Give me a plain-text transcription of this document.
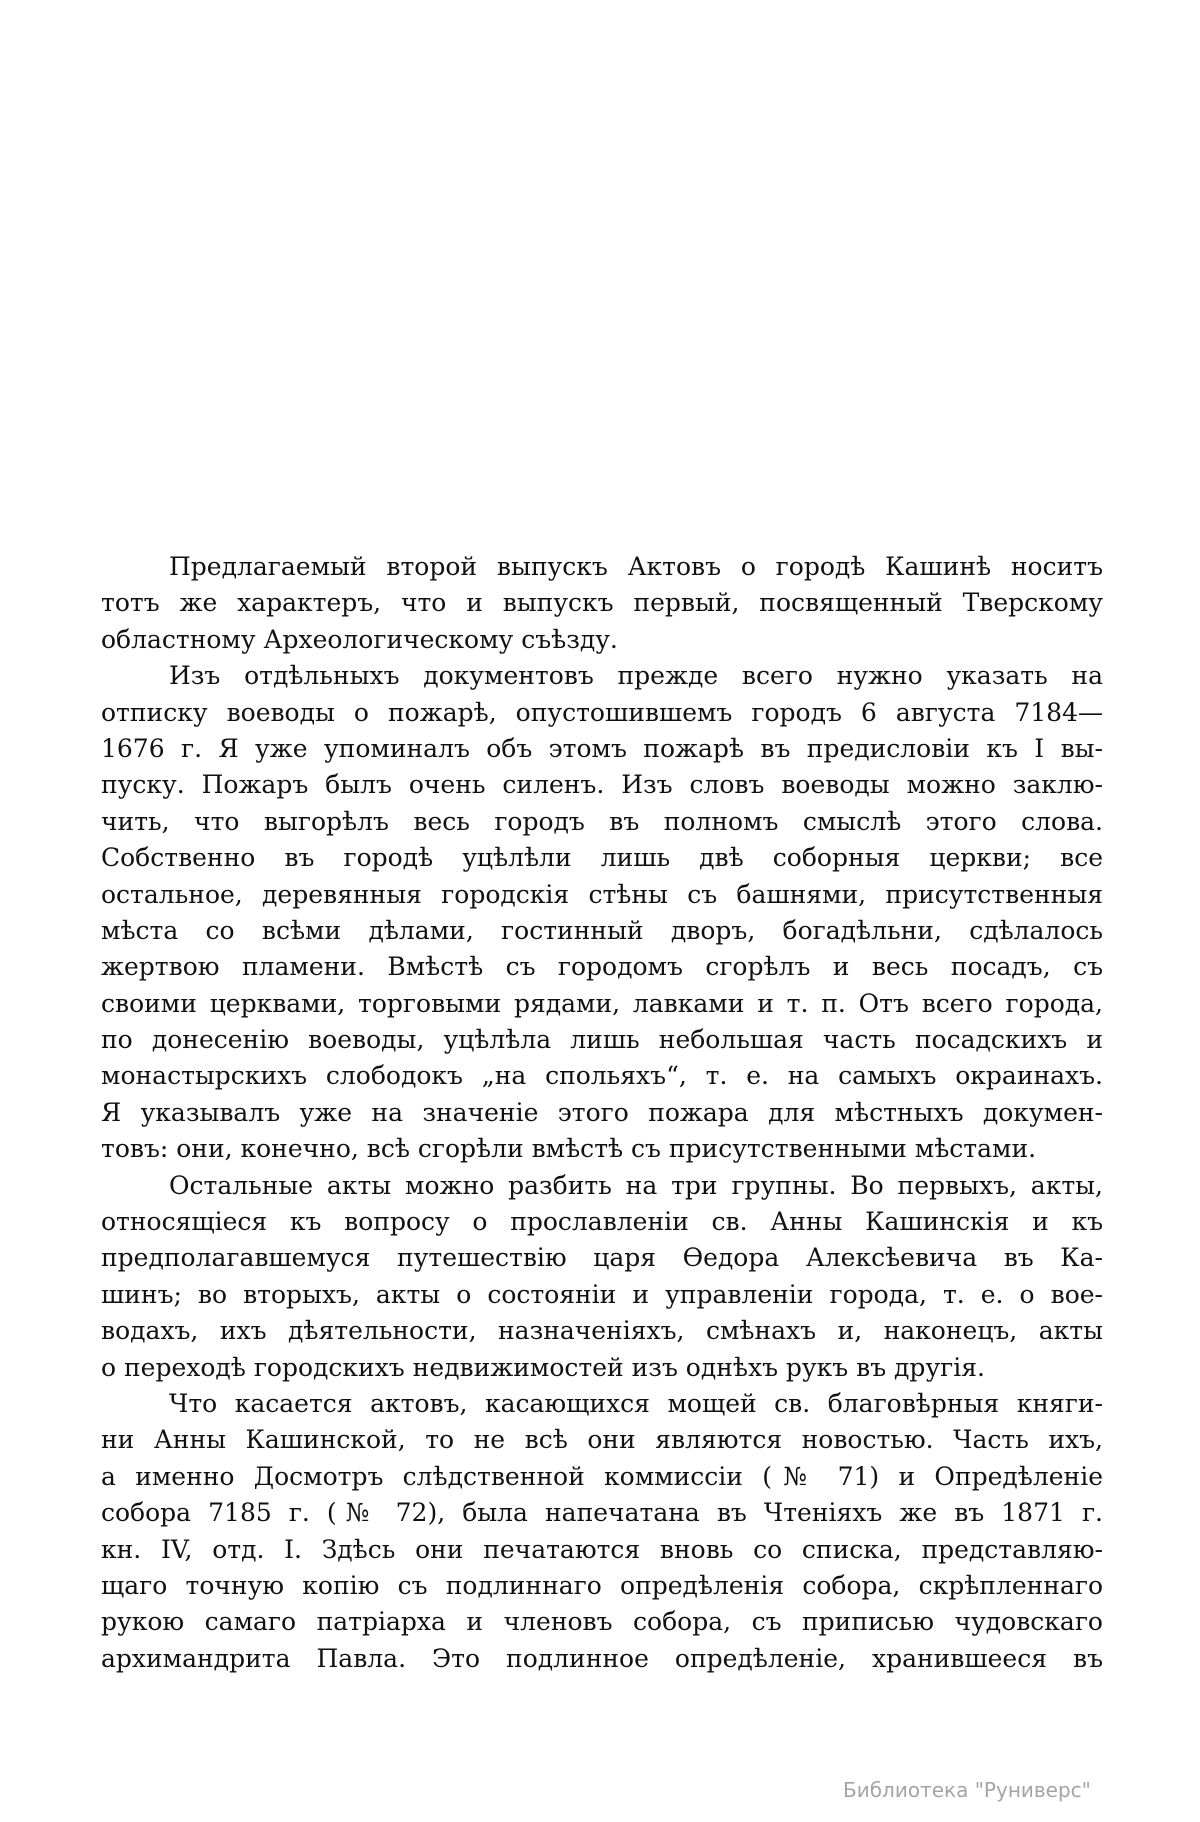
Предлагаемый второй выпускъ Актовъ о городѣ Кашинѣ носитъ
тотъ же характеръ, что и выпускъ первый, посвященный Тверскому
областному Археологическому съѣзду.
Изъ отдѣльныхъ документовъ прежде всего нужно указать на
отписку воеводы о пожарѣ, опустошившемъ городъ 6 августа 7184—
1676 г. Я уже упоминалъ объ этомъ пожарѣ въ предисловіи къ I вы-
пуску. Пожаръ былъ очень силенъ. Изъ словъ воеводы можно заклю-
чить, что выгорѣлъ весь городъ въ полномъ смыслѣ этого слова.
Собственно въ городѣ уцѣлѣли лишь двѣ соборныя церкви; все
остальное, деревянныя городскія стѣны съ башнями, присутственныя
мѣста со всѣми дѣлами, гостинный дворъ, богадѣльни, сдѣлалось
жертвою пламени. Вмѣстѣ съ городомъ сгорѣлъ и весь посадъ, съ
своими церквами, торговыми рядами, лавками и т. п. Отъ всего города,
по донесенію воеводы, уцѣлѣла лишь небольшая часть посадскихъ и
монастырскихъ слободокъ „на спольяхъ“, т. е. на самыхъ окраинахъ.
Я указывалъ уже на значеніе этого пожара для мѣстныхъ докумен-
товъ: они, конечно, всѣ сгорѣли вмѣстѣ съ присутственными мѣстами.
Остальные акты можно разбить на три групны. Во первыхъ, акты,
относящіеся къ вопросу о прославленіи св. Анны Кашинскія и къ
предполагавшемуся путешествію царя Ѳедора Алексѣевича въ Ка-
шинъ; во вторыхъ, акты о состояніи и управленіи города, т. е. о вое-
водахъ, ихъ дѣятельности, назначеніяхъ, смѣнахъ и, наконецъ, акты
о переходѣ городскихъ недвижимостей изъ однѣхъ рукъ въ другія.
Что касается актовъ, касающихся мощей св. благовѣрныя княги-
ни Анны Кашинской, то не всѣ они являются новостью. Часть ихъ,
а именно Досмотръ слѣдственной коммиссіи (№ 71) и Опредѣленіе
собора 7185 г. (№ 72), была напечатана въ Чтеніяхъ же въ 1871 г.
кн. IV, отд. I. Здѣсь они печатаются вновь со списка, представляю-
щаго точную копію съ подлиннаго опредѣленія собора, скрѣпленнаго
рукою самаго патріарха и членовъ собора, съ приписью чудовскаго
архимандрита Павла. Это подлинное опредѣленіе, хранившееся въ
Библиотека "Руниверс"
